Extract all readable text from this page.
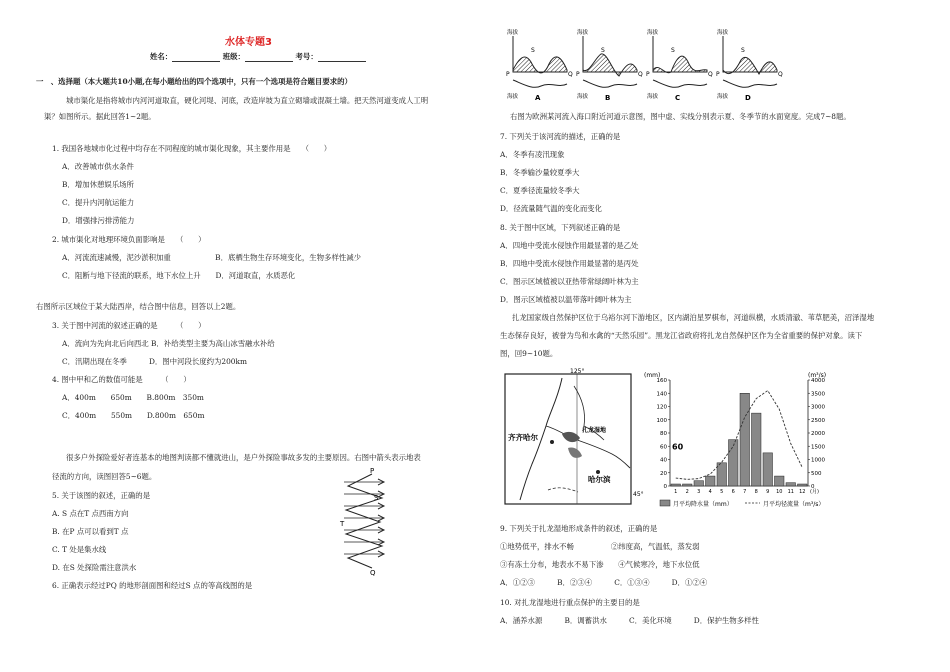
水体专题3
姓名：	班级：	考号：
一　、选择题（本大题共10小题,在每小题给出的四个选项中，只有一个选项是符合题目要求的）
城市渠化是指将城市内河河道取直，硬化河堤、河底，改造岸坡为直立砌墙或混凝土墙。把天然河道变成人工明
渠？如图所示。据此回答1~2题。
1. 我国各地城市化过程中均存在不同程度的城市渠化现象，其主要作用是　　（　　）
A．改善城市供水条件
B．增加休憩娱乐场所
C．提升内河航运能力
D．增强排污排涝能力
2. 城市渠化对地理环境负面影响是　　（　　）
A．河流流速减慢，泥沙淤积加重　　　　　　B．底栖生物生存环境变化，生物多样性减少
C．阻断与地下径流的联系，地下水位上升　　D．河道取直，水质恶化
右图所示区域位于某大陆西岸，结合图中信息，回答以上2题。
3. 关于图中河流的叙述正确的是　　　（　　）
A．流向为先向北后向西北 B．补给类型主要为高山冰雪融水补给
C．汛期出现在冬季　　　D．图中河段长度约为200km
4. 图中甲和乙的数值可能是　　　（　　）
A．400m　　650m　　B.800m　350m
C．400m　　550m　　D.800m　650m
很多户外探险爱好者连基本的地图判读都不懂就进山，是户外探险事故多发的主要原因。右图中箭头表示地表
径流的方向，读图回答5~6题。
5. 关于该图的叙述，正确的是
A. S 点在T 点西南方向
B. 在P 点可以看到T 点
C. T 处是集水线
D. 在S 处探险需注意洪水
6. 正确表示经过PQ 的地形剖面图和经过S 点的等高线图的是
P
S
T
Q
海拔
P	Q
S
海拔 A
海拔
P	Q
S
海拔 B
海拔
P	Q
S
海拔 C
海拔
P	Q
S
海拔 D
右图为欧洲某河流入海口附近河道示意图，图中虚、实线分别表示夏、冬季节的水面宽度。完成7~8题。
7. 下列关于该河流的描述，正确的是
A．冬季有凌汛现象
B．冬季输沙量较夏季大
C．夏季径流量较冬季大
D．径流量随气温的变化而变化
8. 关于图中区域，下列叙述正确的是
A．四地中受流水侵蚀作用最显著的是乙处
B．四地中受流水侵蚀作用最显著的是丙处
C．图示区域植被以亚热带常绿阔叶林为主
D．图示区域植被以温带落叶阔叶林为主
扎龙国家级自然保护区位于乌裕尔河下游地区，区内湖泊星罗棋布，河道纵横，水质清澈、苇草肥美，沼泽湿地
生态保存良好，被誉为鸟和水禽的“天然乐园”。黑龙江省政府将扎龙自然保护区作为全省重要的保护对象。读下
图，回9~10题。
125°
齐齐哈尔
扎龙湿地
哈尔滨
45°
(mm)	(m³/s)
0
20
40
60
80
100
120
140
160
0
500
1000
1500
2000
2500
3000
3500
4000
1 2 3 4 5 6 7 8 9 10 11 12 (月)
60
月平均降水量（mm）	月平均径流量（m³/s）
9. 下列关于扎龙湿地形成条件的叙述，正确的是
①地势低平，排水不畅　　　　　②纬度高，气温低，蒸发弱
③有冻土分布，地表水不易下渗　　④气候寒冷，地下水位低
A．①②③　　　B．②③④　　　C．①③④　　　D．①②④
10. 对扎龙湿地进行重点保护的主要目的是
A．涵养水源　　　B．调蓄洪水　　　C．美化环境　　　D．保护生物多样性
